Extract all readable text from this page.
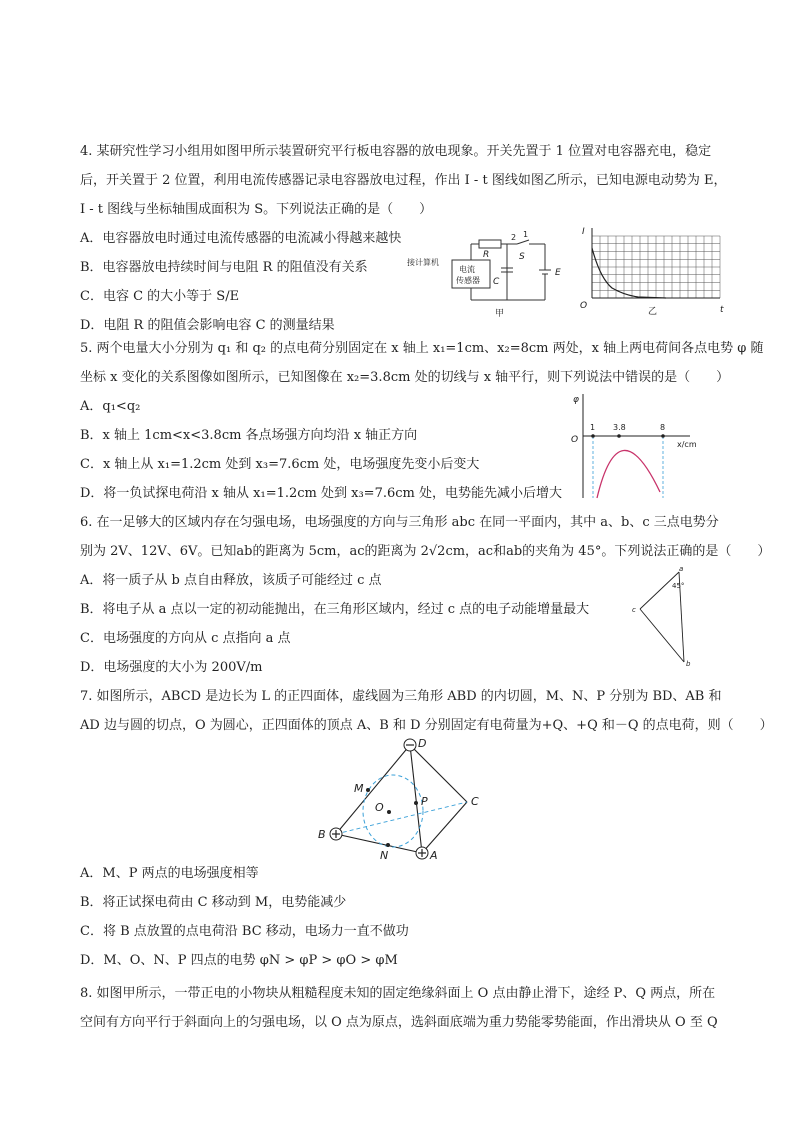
4. 某研究性学习小组用如图甲所示装置研究平行板电容器的放电现象。开关先置于 1 位置对电容器充电，稳定
后，开关置于 2 位置，利用电流传感器记录电容器放电过程，作出 I - t 图线如图乙所示，已知电源电动势为 E，
I - t 图线与坐标轴围成面积为 S。下列说法正确的是（　　）
A．电容器放电时通过电流传感器的电流减小得越来越快
B．电容器放电持续时间与电阻 R 的阻值没有关系
C．电容 C 的大小等于 S/E
D．电阻 R 的阻值会影响电容 C 的测量结果
接计算机
电流
传感器
R
2 1
S
C
E
甲
I
t
O
乙
5. 两个电量大小分别为 q₁ 和 q₂ 的点电荷分别固定在 x 轴上 x₁=1cm、x₂=8cm 两处，x 轴上两电荷间各点电势 φ 随
坐标 x 变化的关系图像如图所示，已知图像在 x₂=3.8cm 处的切线与 x 轴平行，则下列说法中错误的是（　　）
A．q₁<q₂
B．x 轴上 1cm<x<3.8cm 各点场强方向均沿 x 轴正方向
C．x 轴上从 x₁=1.2cm 处到 x₃=7.6cm 处，电场强度先变小后变大
D．将一负试探电荷沿 x 轴从 x₁=1.2cm 处到 x₃=7.6cm 处，电势能先减小后增大
φ
O
1 3.8	8
x/cm
6. 在一足够大的区域内存在匀强电场，电场强度的方向与三角形 abc 在同一平面内，其中 a、b、c 三点电势分
别为 2V、12V、6V。已知ab的距离为 5cm，ac的距离为 2√2cm，ac和ab的夹角为 45°。下列说法正确的是（　　）
A．将一质子从 b 点自由释放，该质子可能经过 c 点
B．将电子从 a 点以一定的初动能抛出，在三角形区域内，经过 c 点的电子动能增量最大
C．电场强度的方向从 c 点指向 a 点
D．电场强度的大小为 200V/m
a
b
c
45°
7. 如图所示，ABCD 是边长为 L 的正四面体，虚线圆为三角形 ABD 的内切圆，M、N、P 分别为 BD、AB 和
AD 边与圆的切点，O 为圆心，正四面体的顶点 A、B 和 D 分别固定有电荷量为+Q、+Q 和－Q 的点电荷，则（　　）
D
M
O	P	C
B
N	A
A．M、P 两点的电场强度相等
B．将正试探电荷由 C 移动到 M，电势能减少
C．将 B 点放置的点电荷沿 BC 移动，电场力一直不做功
D．M、O、N、P 四点的电势 φN > φP > φO > φM
8. 如图甲所示，一带正电的小物块从粗糙程度未知的固定绝缘斜面上 O 点由静止滑下，途经 P、Q 两点，所在
空间有方向平行于斜面向上的匀强电场，以 O 点为原点，选斜面底端为重力势能零势能面，作出滑块从 O 至 Q
